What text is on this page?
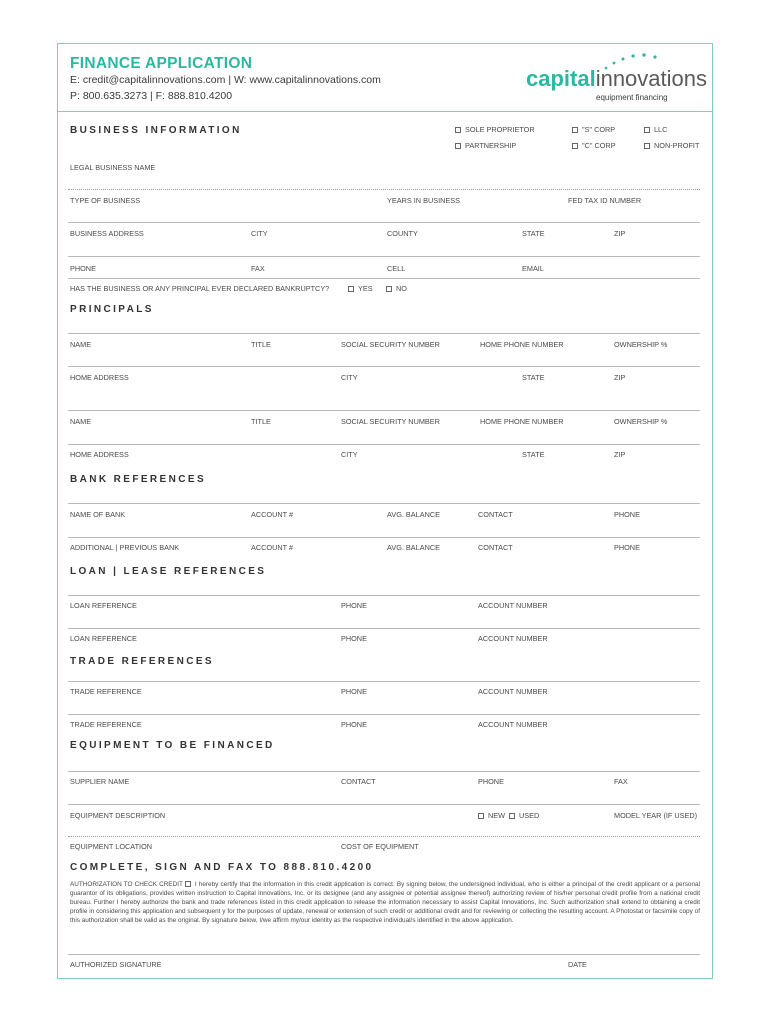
FINANCE APPLICATION
E: credit@capitalinnovations.com | W: www.capitalinnovations.com
P: 800.635.3273 | F: 888.810.4200
capitalinnovations
equipment financing
BUSINESS INFORMATION	SOLE PROPRIETOR	"S" CORP	LLC
PARTNERSHIP	"C" CORP	NON-PROFIT
LEGAL BUSINESS NAME
TYPE OF BUSINESS	YEARS IN BUSINESS	FED TAX ID NUMBER
BUSINESS ADDRESS	CITY	COUNTY	STATE	ZIP
PHONE	FAX	CELL	EMAIL
HAS THE BUSINESS OR ANY PRINCIPAL EVER DECLARED BANKRUPTCY?	YES	NO
PRINCIPALS
NAME	TITLE	SOCIAL SECURITY NUMBER	HOME PHONE NUMBER	OWNERSHIP %
HOME ADDRESS	CITY	STATE	ZIP
NAME	TITLE	SOCIAL SECURITY NUMBER	HOME PHONE NUMBER	OWNERSHIP %
HOME ADDRESS	CITY	STATE	ZIP
BANK REFERENCES
NAME OF BANK	ACCOUNT #	AVG. BALANCE	CONTACT	PHONE
ADDITIONAL | PREVIOUS BANK	ACCOUNT #	AVG. BALANCE	CONTACT	PHONE
LOAN | LEASE REFERENCES
LOAN REFERENCE	PHONE	ACCOUNT NUMBER
LOAN REFERENCE	PHONE	ACCOUNT NUMBER
TRADE REFERENCES
TRADE REFERENCE	PHONE	ACCOUNT NUMBER
TRADE REFERENCE	PHONE	ACCOUNT NUMBER
EQUIPMENT TO BE FINANCED
SUPPLIER NAME	CONTACT	PHONE	FAX
EQUIPMENT DESCRIPTION	NEW	USED	MODEL YEAR (IF USED)
EQUIPMENT LOCATION	COST OF EQUIPMENT
COMPLETE, SIGN AND FAX TO 888.810.4200
AUTHORIZATION TO CHECK CREDIT I hereby certify that the information in this credit application is correct. By signing below, the undersigned individual, who is either a principal of the credit applicant or a personal guarantor of its obligations, provides written instruction to Capital Innovations, Inc. or its designee (and any assignee or potential assignee thereof) authorizing review of his/her personal credit profile from a national credit bureau. Further I hereby authorize the bank and trade references listed in this credit application to release the information necessary to assist Capital Innovations, Inc. Such authorization shall extend to obtaining a credit profile in considering this application and subsequent y for the purposes of update, renewal or extension of such credit or additional credit and for reviewing or collecting the resulting account. A Photostat or facsimile copy of this authorization shall be valid as the original. By signature below, I/we affirm my/our identity as the respective individual/s identified in the above application.
AUTHORIZED SIGNATURE	DATE
